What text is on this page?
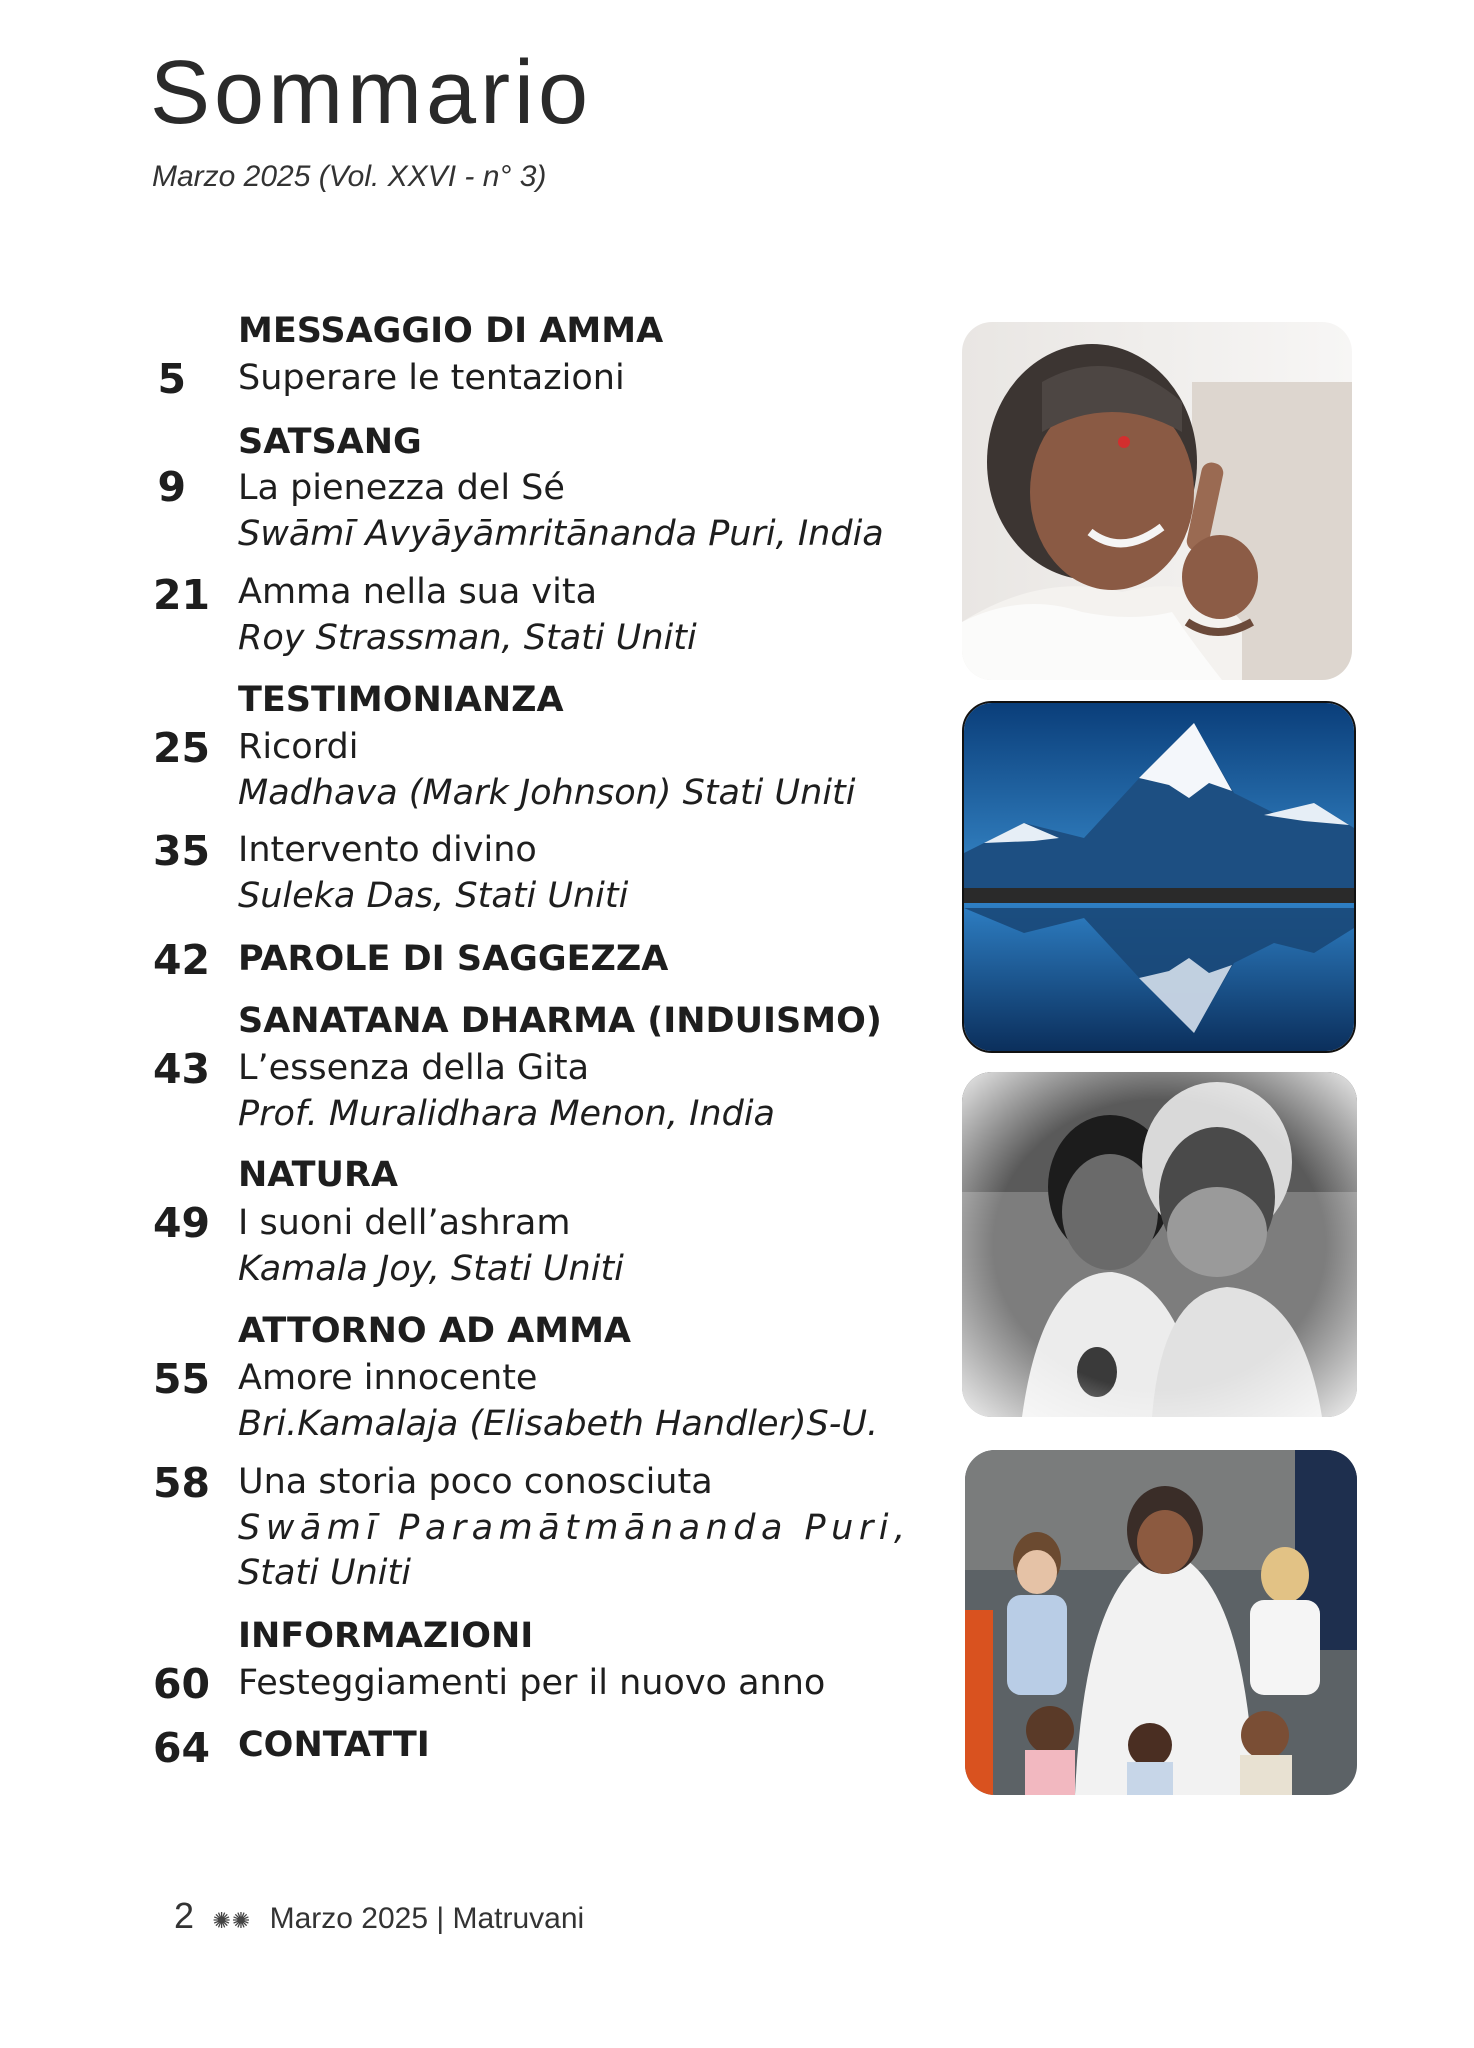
Sommario
Marzo 2025 (Vol. XXVI - n° 3)
MESSAGGIO DI AMMA
5 Superare le tentazioni
SATSANG
9 La pienezza del Sé
Swāmī Avyāyāmritānanda Puri, India
21 Amma nella sua vita
Roy Strassman, Stati Uniti
TESTIMONIANZA
25 Ricordi
Madhava (Mark Johnson) Stati Uniti
35 Intervento divino
Suleka Das, Stati Uniti
42 PAROLE DI SAGGEZZA
SANATANA DHARMA (INDUISMO)
43 L’essenza della Gita
Prof. Muralidhara Menon, India
NATURA
49 I suoni dell’ashram
Kamala Joy, Stati Uniti
ATTORNO AD AMMA
55 Amore innocente
Bri.Kamalaja (Elisabeth Handler)S-U.
58 Una storia poco conosciuta
Swāmī Paramātmānanda Puri,
Stati Uniti
INFORMAZIONI
60 Festeggiamenti per il nuovo anno
64 CONTATTI
2 ✺✺ Marzo 2025 | Matruvani
